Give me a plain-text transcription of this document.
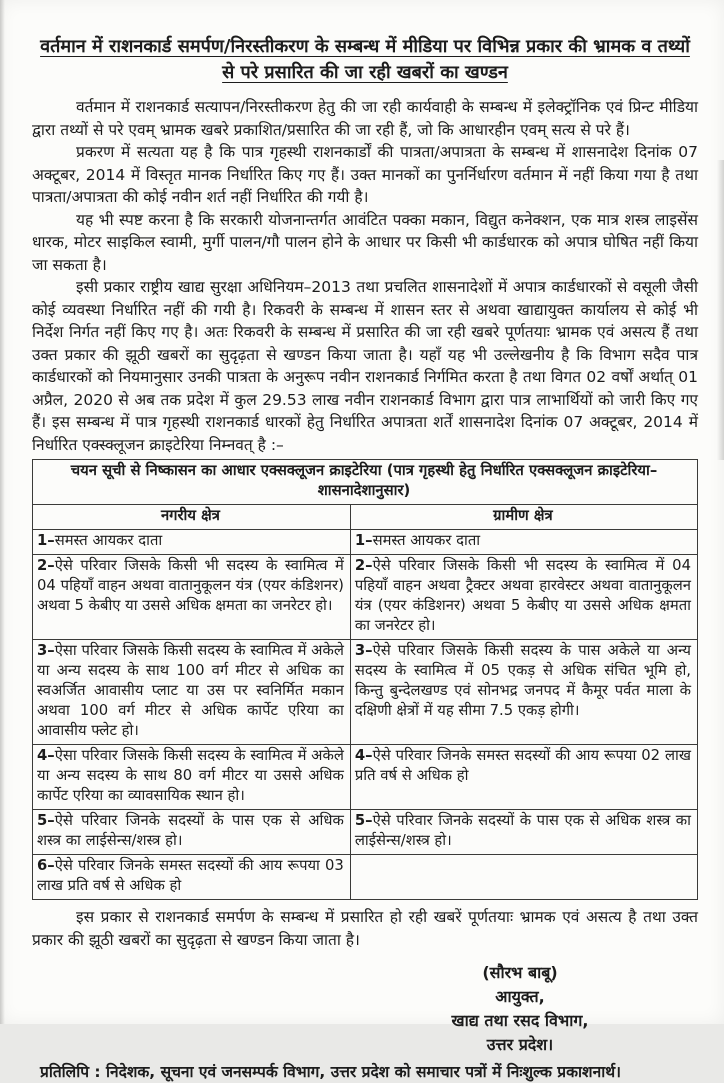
वर्तमान में राशनकार्ड समर्पण/निरस्तीकरण के सम्बन्ध में मीडिया पर विभिन्न प्रकार की भ्रामक व तथ्यों से परे प्रसारित की जा रही खबरों का खण्डन

वर्तमान में राशनकार्ड सत्यापन/निरस्तीकरण हेतु की जा रही कार्यवाही के सम्बन्ध में इलेक्ट्रॉनिक एवं प्रिन्ट मीडिया द्वारा तथ्यों से परे एवम् भ्रामक खबरे प्रकाशित/प्रसारित की जा रही हैं, जो कि आधारहीन एवम् सत्य से परे हैं।

प्रकरण में सत्यता यह है कि पात्र गृहस्थी राशनकार्डों की पात्रता/अपात्रता के सम्बन्ध में शासनादेश दिनांक 07 अक्टूबर, 2014 में विस्तृत मानक निर्धारित किए गए हैं। उक्त मानकों का पुनर्निर्धारण वर्तमान में नहीं किया गया है तथा पात्रता/अपात्रता की कोई नवीन शर्त नहीं निर्धारित की गयी है।

यह भी स्पष्ट करना है कि सरकारी योजनान्तर्गत आवंटित पक्का मकान, विद्युत कनेक्शन, एक मात्र शस्त्र लाइसेंस धारक, मोटर साइकिल स्वामी, मुर्गी पालन/गौ पालन होने के आधार पर किसी भी कार्डधारक को अपात्र घोषित नहीं किया जा सकता है।

इसी प्रकार राष्ट्रीय खाद्य सुरक्षा अधिनियम–2013 तथा प्रचलित शासनादेशों में अपात्र कार्डधारकों से वसूली जैसी कोई व्यवस्था निर्धारित नहीं की गयी है। रिकवरी के सम्बन्ध में शासन स्तर से अथवा खाद्यायुक्त कार्यालय से कोई भी निर्देश निर्गत नहीं किए गए है। अतः रिकवरी के सम्बन्ध में प्रसारित की जा रही खबरे पूर्णतयाः भ्रामक एवं असत्य हैं तथा उक्त प्रकार की झूठी खबरों का सुदृढ़ता से खण्डन किया जाता है। यहाँ यह भी उल्लेखनीय है कि विभाग सदैव पात्र कार्डधारकों को नियमानुसार उनकी पात्रता के अनुरूप नवीन राशनकार्ड निर्गमित करता है तथा विगत 02 वर्षों अर्थात् 01 अप्रैल, 2020 से अब तक प्रदेश में कुल 29.53 लाख नवीन राशनकार्ड विभाग द्वारा पात्र लाभार्थियों को जारी किए गए हैं। इस सम्बन्ध में पात्र गृहस्थी राशनकार्ड धारकों हेतु निर्धारित अपात्रता शर्तें शासनादेश दिनांक 07 अक्टूबर, 2014 में निर्धारित एक्स्क्लूजन क्राइटेरिया निम्नवत् है :–

चयन सूची से निष्कासन का आधार एक्सक्लूजन क्राइटेरिया (पात्र गृहस्थी हेतु निर्धारित एक्सक्लूजन क्राइटेरिया–शासनादेशानुसार)	
नगरीय क्षेत्र	ग्रामीण क्षेत्र
1–समस्त आयकर दाता	1–समस्त आयकर दाता
2–ऐसे परिवार जिसके किसी भी सदस्य के स्वामित्व में 04 पहियाँ वाहन अथवा वातानुकूलन यंत्र (एयर कंडिशनर) अथवा 5 केबीए या उससे अधिक क्षमता का जनरेटर हो।	2–ऐसे परिवार जिसके किसी भी सदस्य के स्वामित्व में 04 पहियाँ वाहन अथवा ट्रैक्टर अथवा हारवेस्टर अथवा वातानुकूलन यंत्र (एयर कंडिशनर) अथवा 5 केबीए या उससे अधिक क्षमता का जनरेटर हो।
3–ऐसा परिवार जिसके किसी सदस्य के स्वामित्व में अकेले या अन्य सदस्य के साथ 100 वर्ग मीटर से अधिक का स्वअर्जित आवासीय प्लाट या उस पर स्वनिर्मित मकान अथवा 100 वर्ग मीटर से अधिक कार्पेट एरिया का आवासीय फ्लेट हो।	3–ऐसे परिवार जिसके किसी सदस्य के पास अकेले या अन्य सदस्य के स्वामित्व में 05 एकड़ से अधिक संचित भूमि हो, किन्तु बुन्देलखण्ड एवं सोनभद्र जनपद में कैमूर पर्वत माला के दक्षिणी क्षेत्रों में यह सीमा 7.5 एकड़ होगी।
4–ऐसा परिवार जिसके किसी सदस्य के स्वामित्व में अकेले या अन्य सदस्य के साथ 80 वर्ग मीटर या उससे अधिक कार्पेट एरिया का व्यावसायिक स्थान हो।	4–ऐसे परिवार जिनके समस्त सदस्यों की आय रूपया 02 लाख प्रति वर्ष से अधिक हो
5–ऐसे परिवार जिनके सदस्यों के पास एक से अधिक शस्त्र का लाईसेन्स/शस्त्र हो।	5–ऐसे परिवार जिनके सदस्यों के पास एक से अधिक शस्त्र का लाईसेन्स/शस्त्र हो।
6–ऐसे परिवार जिनके समस्त सदस्यों की आय रूपया 03 लाख प्रति वर्ष से अधिक हो	

इस प्रकार से राशनकार्ड समर्पण के सम्बन्ध में प्रसारित हो रही खबरें पूर्णतयाः भ्रामक एवं असत्य है तथा उक्त प्रकार की झूठी खबरों का सुदृढ़ता से खण्डन किया जाता है।

(सौरभ बाबू)
आयुक्त,
खाद्य तथा रसद विभाग,
उत्तर प्रदेश।

प्रतिलिपि : निदेशक, सूचना एवं जनसम्पर्क विभाग, उत्तर प्रदेश को समाचार पत्रों में निःशुल्क प्रकाशनार्थ।
